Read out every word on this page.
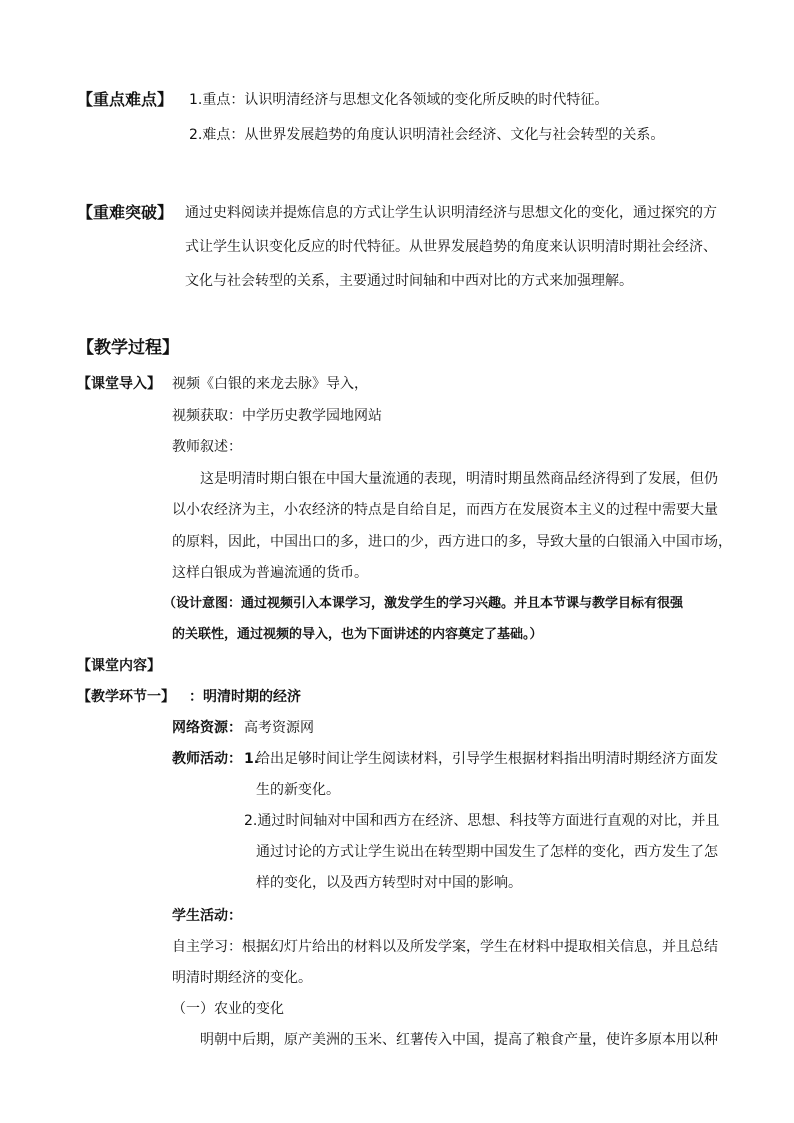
【重点难点】 1.重点：认识明清经济与思想文化各领域的变化所反映的时代特征。
2.难点：从世界发展趋势的角度认识明清社会经济、文化与社会转型的关系。
【重难突破】 通过史料阅读并提炼信息的方式让学生认识明清经济与思想文化的变化，通过探究的方
式让学生认识变化反应的时代特征。从世界发展趋势的角度来认识明清时期社会经济、
文化与社会转型的关系，主要通过时间轴和中西对比的方式来加强理解。
【教学过程】
【课堂导入】 视频《白银的来龙去脉》导入，
视频获取：中学历史教学园地网站
教师叙述：
这是明清时期白银在中国大量流通的表现，明清时期虽然商品经济得到了发展，但仍
以小农经济为主，小农经济的特点是自给自足，而西方在发展资本主义的过程中需要大量
的原料，因此，中国出口的多，进口的少，西方进口的多，导致大量的白银涌入中国市场，
这样白银成为普遍流通的货币。
（设计意图：通过视频引入本课学习，激发学生的学习兴趣。并且本节课与教学目标有很强
的关联性，通过视频的导入，也为下面讲述的内容奠定了基础。）
【课堂内容】
【教学环节一】 ：明清时期的经济
网络资源： 高考资源网
教师活动： 1.
给出足够时间让学生阅读材料，引导学生根据材料指出明清时期经济方面发
生的新变化。
2.通过时间轴对中国和西方在经济、思想、科技等方面进行直观的对比，并且
通过讨论的方式让学生说出在转型期中国发生了怎样的变化，西方发生了怎
样的变化，以及西方转型时对中国的影响。
学生活动：
自主学习：根据幻灯片给出的材料以及所发学案，学生在材料中提取相关信息，并且总结
明清时期经济的变化。
（一）农业的变化
明朝中后期，原产美洲的玉米、红薯传入中国，提高了粮食产量，使许多原本用以种
